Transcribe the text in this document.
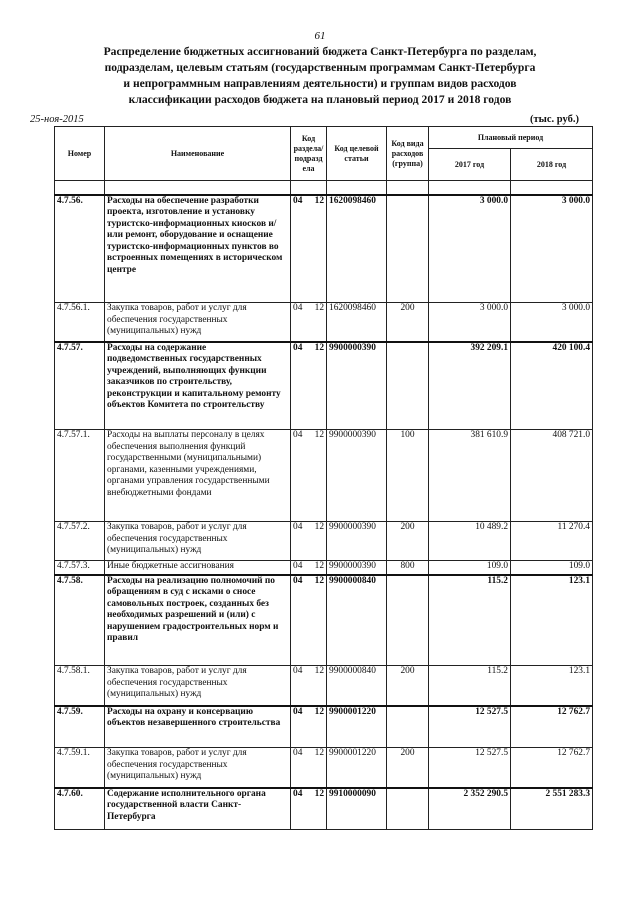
61
Распределение бюджетных ассигнований бюджета Санкт-Петербурга по разделам,
подразделам, целевым статьям (государственным программам Санкт-Петербурга
и непрограммным направлениям деятельности) и группам видов расходов
классификации расходов бюджета на плановый период 2017 и 2018 годов
25-ноя-2015	(тыс. руб.)
Номер	Наименование	Код раздела/ подразд ела	Код целевой статьи	Код вида расходов (группа)	Плановый период	
					2017 год	2018 год

4.7.56.	Расходы на обеспечение разработки проекта, изготовление и установку туристско-информационных киосков и/или ремонт, оборудование и оснащение туристско-информационных пунктов во встроенных помещениях в историческом центре	04 12	1620098460		3 000.0	3 000.0
4.7.56.1.	Закупка товаров, работ и услуг для обеспечения государственных (муниципальных) нужд	04 12	1620098460	200	3 000.0	3 000.0
4.7.57.	Расходы на содержание подведомственных государственных учреждений, выполняющих функции заказчиков по строительству, реконструкции и капитальному ремонту объектов Комитета по строительству	04 12	9900000390		392 209.1	420 100.4
4.7.57.1.	Расходы на выплаты персоналу в целях обеспечения выполнения функций государственными (муниципальными) органами, казенными учреждениями, органами управления государственными внебюджетными фондами	04 12	9900000390	100	381 610.9	408 721.0
4.7.57.2.	Закупка товаров, работ и услуг для обеспечения государственных (муниципальных) нужд	04 12	9900000390	200	10 489.2	11 270.4
4.7.57.3.	Иные бюджетные ассигнования	04 12	9900000390	800	109.0	109.0
4.7.58.	Расходы на реализацию полномочий по обращениям в суд с исками о сносе самовольных построек, созданных без необходимых разрешений и (или) с нарушением градостроительных норм и правил	04 12	9900000840		115.2	123.1
4.7.58.1.	Закупка товаров, работ и услуг для обеспечения государственных (муниципальных) нужд	04 12	9900000840	200	115.2	123.1
4.7.59.	Расходы на охрану и консервацию объектов незавершенного строительства	04 12	9900001220		12 527.5	12 762.7
4.7.59.1.	Закупка товаров, работ и услуг для обеспечения государственных (муниципальных) нужд	04 12	9900001220	200	12 527.5	12 762.7
4.7.60.	Содержание исполнительного органа государственной власти Санкт-Петербурга	04 12	9910000090		2 352 290.5	2 551 283.3
